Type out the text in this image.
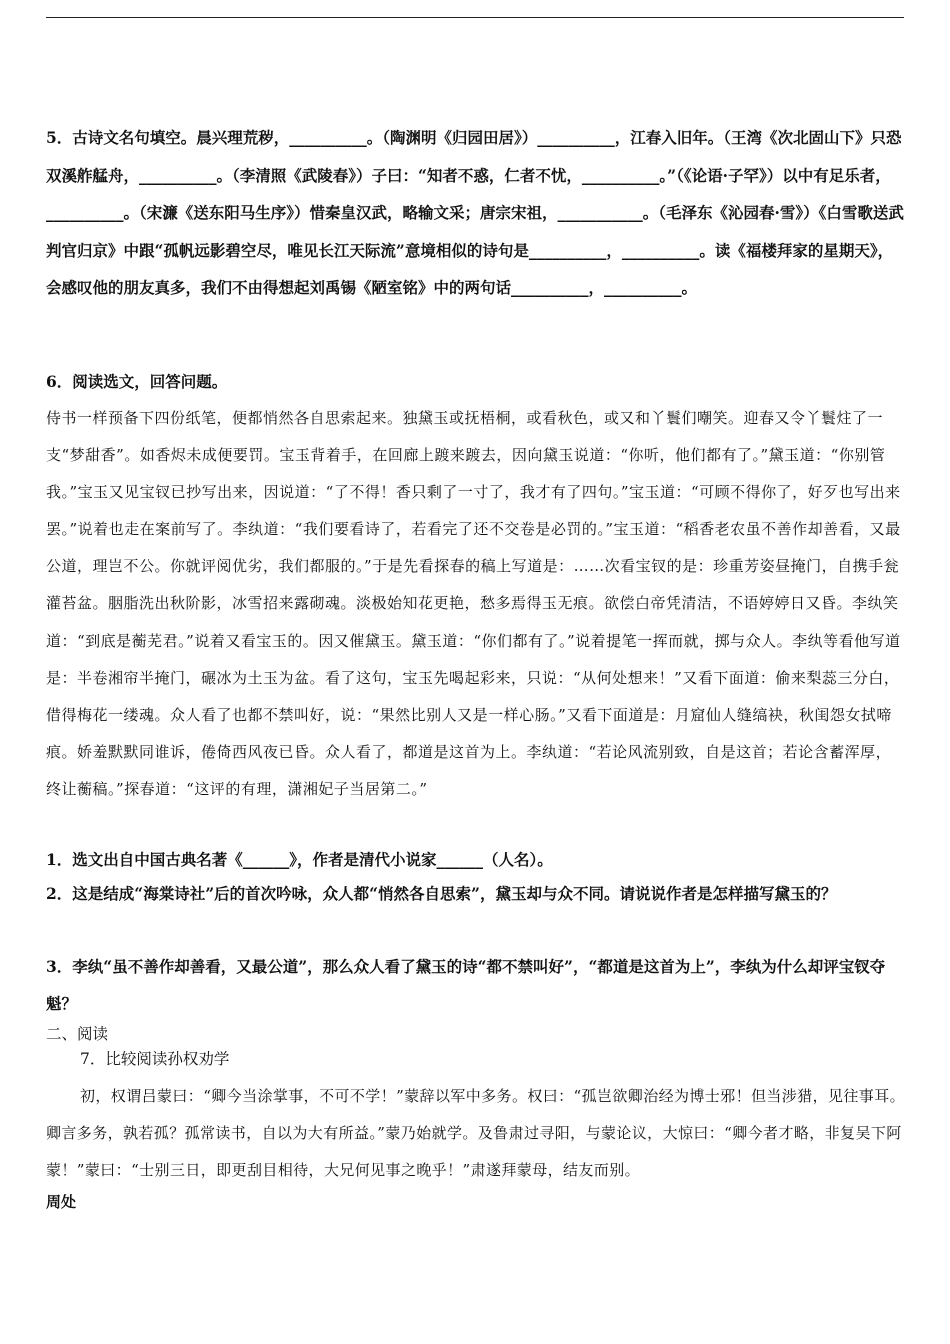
5．古诗文名句填空。晨兴理荒秽，__________。（陶渊明《归园田居》）__________，江春入旧年。（王湾《次北固山下》只恐双溪舴艋舟，__________。（李清照《武陵春》）子曰：“知者不惑，仁者不忧，__________。”（《论语·子罕》）以中有足乐者，__________。（宋濂《送东阳马生序》）惜秦皇汉武，略输文采；唐宗宋祖，___________。（毛泽东《沁园春·雪》）《白雪歌送武判官归京》中跟“孤帆远影碧空尽，唯见长江天际流”意境相似的诗句是__________，__________。读《福楼拜家的星期天》，会感叹他的朋友真多，我们不由得想起刘禹锡《陋室铭》中的两句话__________，__________。

6．阅读选文，回答问题。

侍书一样预备下四份纸笔，便都悄然各自思索起来。独黛玉或抚梧桐，或看秋色，或又和丫鬟们嘲笑。迎春又令丫鬟炷了一支“梦甜香”。如香烬未成便要罚。宝玉背着手，在回廊上踱来踱去，因向黛玉说道：“你听，他们都有了。”黛玉道：“你别管我。”宝玉又见宝钗已抄写出来，因说道：“了不得！香只剩了一寸了，我才有了四句。”宝玉道：“可顾不得你了，好歹也写出来罢。”说着也走在案前写了。李纨道：“我们要看诗了，若看完了还不交卷是必罚的。”宝玉道：“稻香老农虽不善作却善看，又最公道，理岂不公。你就评阅优劣，我们都服的。”于是先看探春的稿上写道是：……次看宝钗的是：珍重芳姿昼掩门，自携手瓮灌苔盆。胭脂洗出秋阶影，冰雪招来露砌魂。淡极始知花更艳，愁多焉得玉无痕。欲偿白帝凭清洁，不语婷婷日又昏。李纨笑道：“到底是蘅芜君。”说着又看宝玉的。因又催黛玉。黛玉道：“你们都有了。”说着提笔一挥而就，掷与众人。李纨等看他写道是：半卷湘帘半掩门，碾冰为土玉为盆。看了这句，宝玉先喝起彩来，只说：“从何处想来！”又看下面道：偷来梨蕊三分白，借得梅花一缕魂。众人看了也都不禁叫好，说：“果然比别人又是一样心肠。”又看下面道是：月窟仙人缝缟袂，秋闺怨女拭啼痕。娇羞默默同谁诉，倦倚西风夜已昏。众人看了，都道是这首为上。李纨道：“若论风流别致，自是这首；若论含蓄浑厚，终让蘅稿。”探春道：“这评的有理，潇湘妃子当居第二。”

1．选文出自中国古典名著《______》，作者是清代小说家______（人名）。

2．这是结成“海棠诗社”后的首次吟咏，众人都“悄然各自思索”，黛玉却与众不同。请说说作者是怎样描写黛玉的？

3．李纨“虽不善作却善看，又最公道”，那么众人看了黛玉的诗“都不禁叫好”，“都道是这首为上”，李纨为什么却评宝钗夺魁？

二、阅读

7．比较阅读孙权劝学

初，权谓吕蒙曰：“卿今当涂掌事，不可不学！”蒙辞以军中多务。权曰：“孤岂欲卿治经为博士邪！但当涉猎，见往事耳。卿言多务，孰若孤？孤常读书，自以为大有所益。”蒙乃始就学。及鲁肃过寻阳，与蒙论议，大惊曰：“卿今者才略，非复吴下阿蒙！”蒙曰：“士别三日，即更刮目相待，大兄何见事之晚乎！”肃遂拜蒙母，结友而别。

周处
